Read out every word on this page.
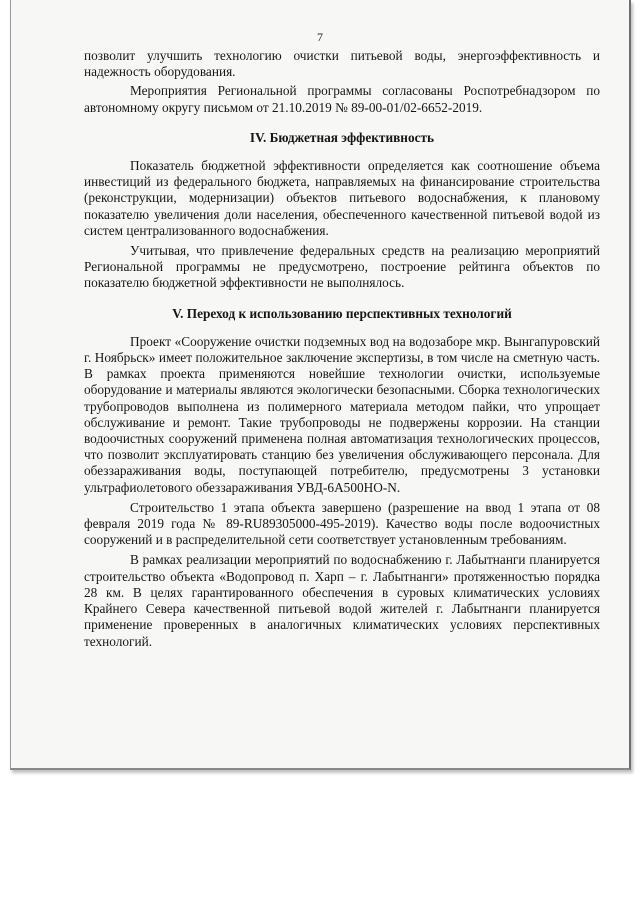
7

позволит улучшить технологию очистки питьевой воды, энергоэффективность и надежность оборудования.

Мероприятия Региональной программы согласованы Роспотребнадзором по автономному округу письмом от 21.10.2019 № 89-00-01/02-6652-2019.

IV. Бюджетная эффективность

Показатель бюджетной эффективности определяется как соотношение объема инвестиций из федерального бюджета, направляемых на финансирование строительства (реконструкции, модернизации) объектов питьевого водоснабжения, к плановому показателю увеличения доли населения, обеспеченного качественной питьевой водой из систем централизованного водоснабжения.

Учитывая, что привлечение федеральных средств на реализацию мероприятий Региональной программы не предусмотрено, построение рейтинга объектов по показателю бюджетной эффективности не выполнялось.

V. Переход к использованию перспективных технологий

Проект «Сооружение очистки подземных вод на водозаборе мкр. Вынгапуровский г. Ноябрьск» имеет положительное заключение экспертизы, в том числе на сметную часть. В рамках проекта применяются новейшие технологии очистки, используемые оборудование и материалы являются экологически безопасными. Сборка технологических трубопроводов выполнена из полимерного материала методом пайки, что упрощает обслуживание и ремонт. Такие трубопроводы не подвержены коррозии. На станции водоочистных сооружений применена полная автоматизация технологических процессов, что позволит эксплуатировать станцию без увеличения обслуживающего персонала. Для обеззараживания воды, поступающей потребителю, предусмотрены 3 установки ультрафиолетового обеззараживания УВД-6А500НО-N.

Строительство 1 этапа объекта завершено (разрешение на ввод 1 этапа от 08 февраля 2019 года № 89-RU89305000-495-2019). Качество воды после водоочистных сооружений и в распределительной сети соответствует установленным требованиям.

В рамках реализации мероприятий по водоснабжению г. Лабытнанги планируется строительство объекта «Водопровод п. Харп – г. Лабытнанги» протяженностью порядка 28 км. В целях гарантированного обеспечения в суровых климатических условиях Крайнего Севера качественной питьевой водой жителей г. Лабытнанги планируется применение проверенных в аналогичных климатических условиях перспективных технологий.
